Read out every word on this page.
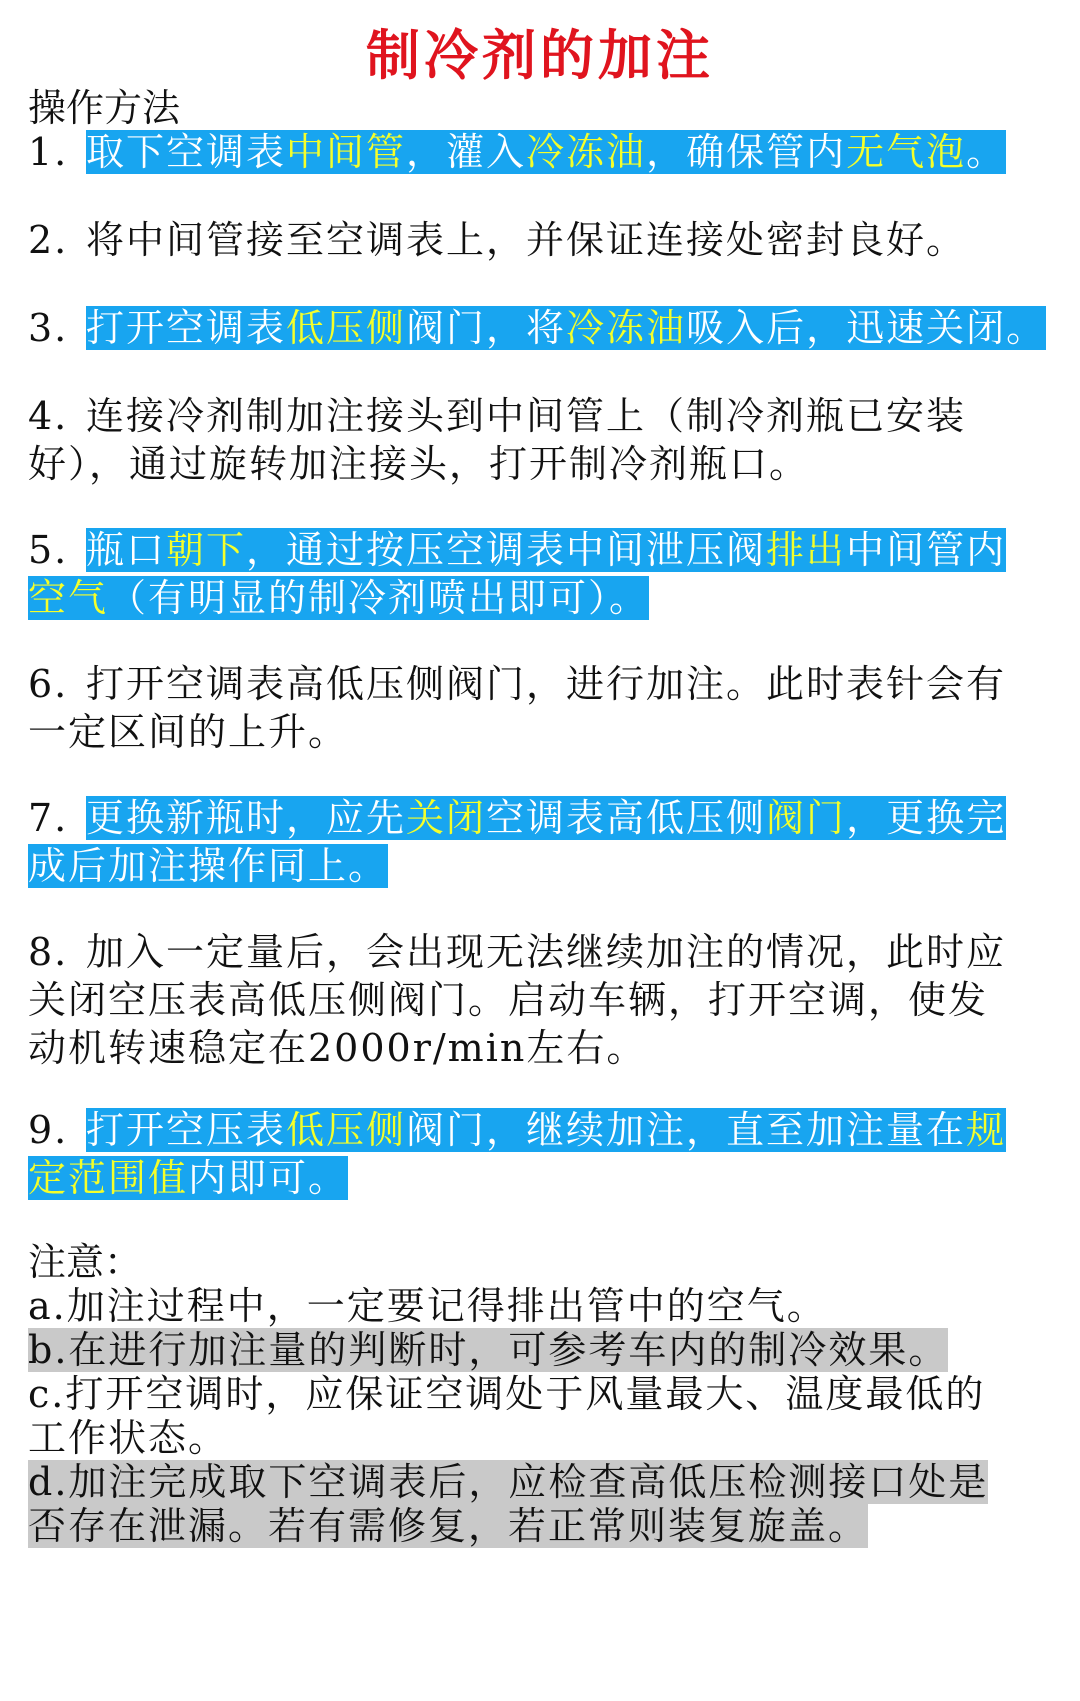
制冷剂的加注
操作方法
1. 取下空调表中间管，灌入冷冻油，确保管内无气泡。
2. 将中间管接至空调表上，并保证连接处密封良好。
3. 打开空调表低压侧阀门，将冷冻油吸入后，迅速关闭。
4. 连接冷剂制加注接头到中间管上（制冷剂瓶已安装
好），通过旋转加注接头，打开制冷剂瓶口。
5. 瓶口朝下，通过按压空调表中间泄压阀排出中间管内
空气（有明显的制冷剂喷出即可）。
6. 打开空调表高低压侧阀门，进行加注。此时表针会有
一定区间的上升。
7. 更换新瓶时，应先关闭空调表高低压侧阀门，更换完
成后加注操作同上。
8. 加入一定量后，会出现无法继续加注的情况，此时应
关闭空压表高低压侧阀门。启动车辆，打开空调，使发
动机转速稳定在2000r/min左右。
9. 打开空压表低压侧阀门，继续加注，直至加注量在规
定范围值内即可。
注意：
a.加注过程中，一定要记得排出管中的空气。
b.在进行加注量的判断时，可参考车内的制冷效果。
c.打开空调时，应保证空调处于风量最大、温度最低的
工作状态。
d.加注完成取下空调表后，应检查高低压检测接口处是
否存在泄漏。若有需修复，若正常则装复旋盖。
